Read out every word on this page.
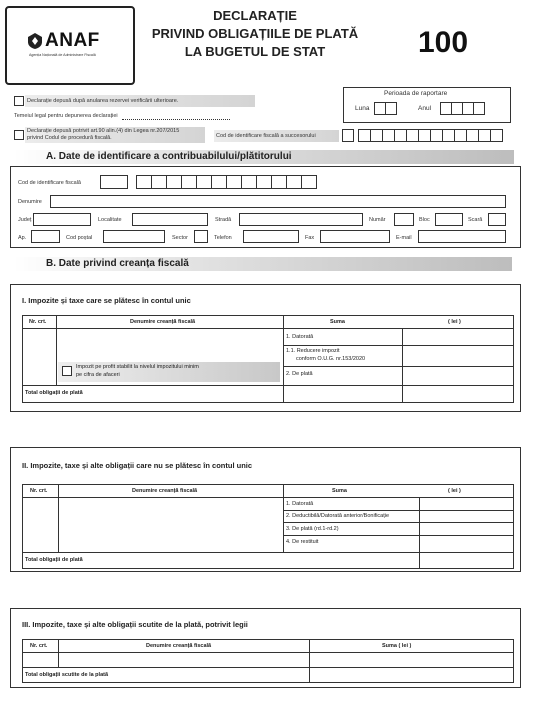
ANAF
Agenția Națională de Administrare Fiscală
DECLARAȚIE
PRIVIND OBLIGAȚIILE DE PLATĂ
LA BUGETUL DE STAT	100
Perioada de raportare
Luna	Anul
Declarație depusă după anularea rezervei verificării ulterioare.
Temeiul legal pentru depunerea declarației
Declarație depusă potrivit art.90 alin.(4) din Legea nr.207/2015
privind Codul de procedură fiscală.	Cod de identificare fiscală a succesorului
A. Date de identificare a contribuabilului/plătitorului
Cod de identificare fiscală
Denumire
Județ	Localitate	Stradă	Număr	Bloc	Scară
Ap.	Cod poștal	Sector	Telefon	Fax	E-mail
B. Date privind creanța fiscală
I. Impozite și taxe care se plătesc în contul unic
Nr. crt.	Denumire creanță fiscală	Suma	( lei )
1. Datorată
1.1. Reducere impozit
conform O.U.G. nr.153/2020
2. De plată
Impozit pe profit stabilit la nivelul impozitului minim
pe cifra de afaceri
Total obligații de plată
II. Impozite, taxe și alte obligații care nu se plătesc în contul unic
Nr. crt.	Denumire creanță fiscală	Suma	( lei )
1. Datorată
2. Deductibilă/Datorată anterior/Bonificație
3. De plată (rd.1-rd.2)
4. De restituit
Total obligații de plată
III. Impozite, taxe și alte obligații scutite de la plată, potrivit legii
Nr. crt.	Denumire creanță fiscală	Suma ( lei )
Total obligații scutite de la plată
